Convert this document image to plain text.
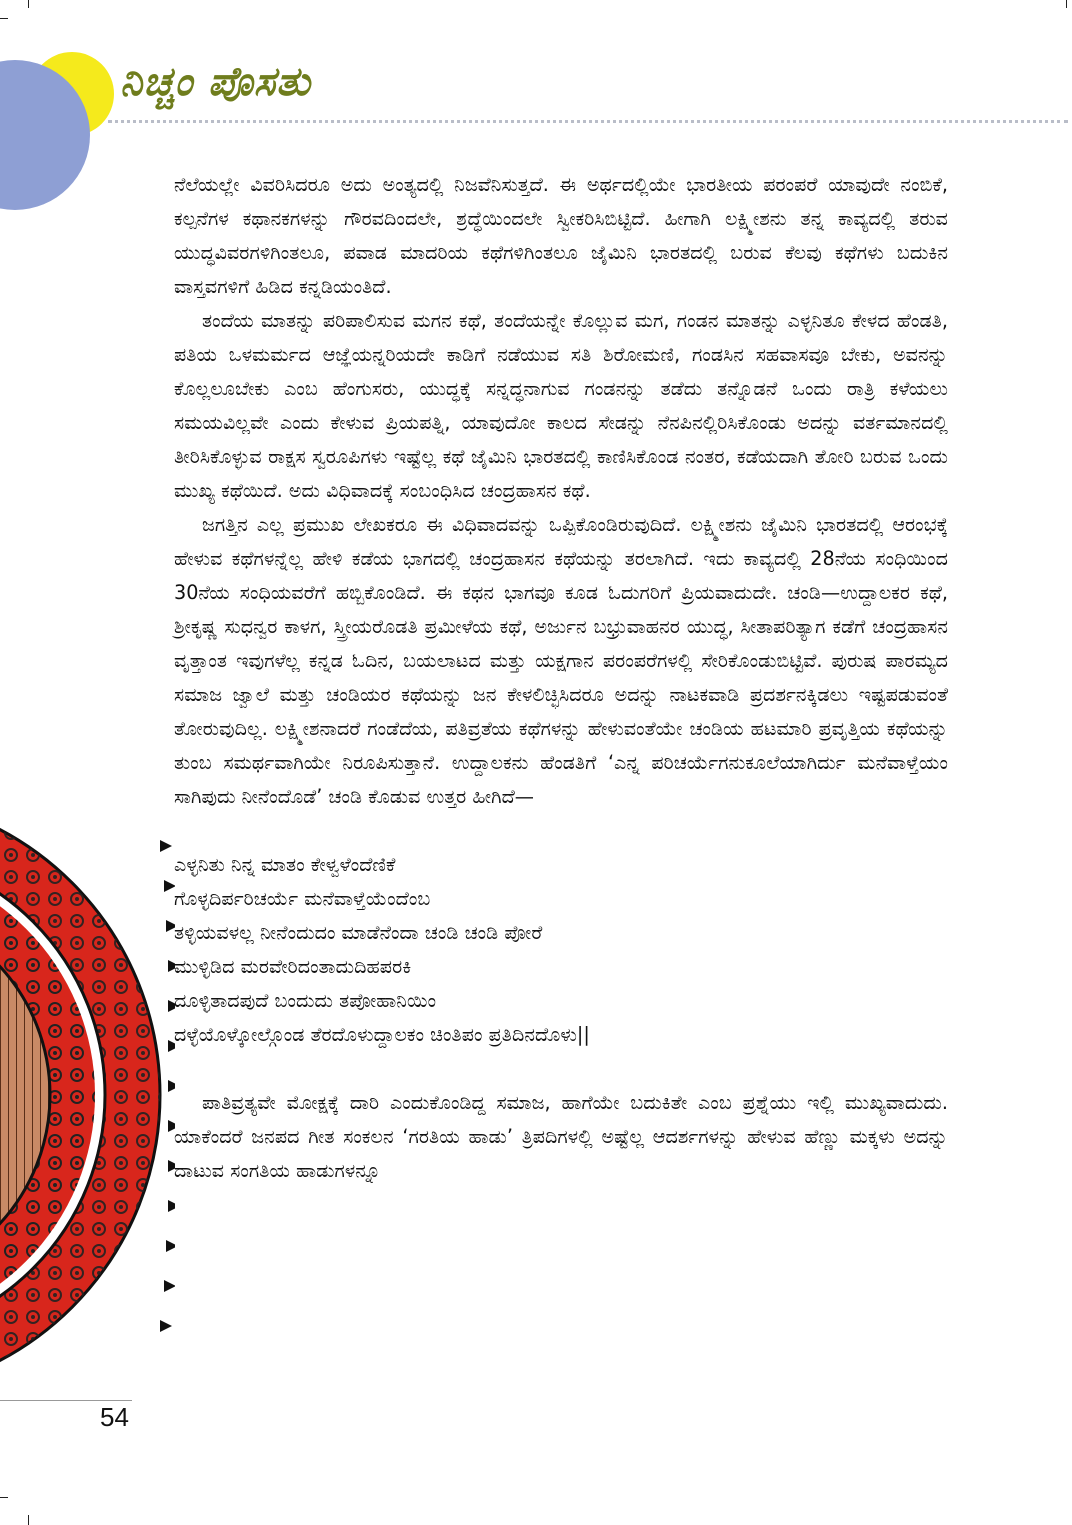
ನಿಚ್ಚಂ ಪೊಸತು

ನೆಲೆಯಲ್ಲೇ ವಿವರಿಸಿದರೂ ಅದು ಅಂತ್ಯದಲ್ಲಿ ನಿಜವೆನಿಸುತ್ತದೆ. ಈ ಅರ್ಥದಲ್ಲಿಯೇ ಭಾರತೀಯ ಪರಂಪರೆ ಯಾವುದೇ ನಂಬಿಕೆ, ಕಲ್ಪನೆಗಳ ಕಥಾನಕಗಳನ್ನು ಗೌರವದಿಂದಲೇ, ಶ್ರದ್ಧೆಯಿಂದಲೇ ಸ್ವೀಕರಿಸಿಬಿಟ್ಟಿದೆ. ಹೀಗಾಗಿ ಲಕ್ಷ್ಮೀಶನು ತನ್ನ ಕಾವ್ಯದಲ್ಲಿ ತರುವ ಯುದ್ಧವಿವರಗಳಿಗಿಂತಲೂ, ಪವಾಡ ಮಾದರಿಯ ಕಥೆಗಳಿಗಿಂತಲೂ ಜೈಮಿನಿ ಭಾರತದಲ್ಲಿ ಬರುವ ಕೆಲವು ಕಥೆಗಳು ಬದುಕಿನ ವಾಸ್ತವಗಳಿಗೆ ಹಿಡಿದ ಕನ್ನಡಿಯಂತಿದೆ.

ತಂದೆಯ ಮಾತನ್ನು ಪರಿಪಾಲಿಸುವ ಮಗನ ಕಥೆ, ತಂದೆಯನ್ನೇ ಕೊಲ್ಲುವ ಮಗ, ಗಂಡನ ಮಾತನ್ನು ಎಳ್ಳನಿತೂ ಕೇಳದ ಹೆಂಡತಿ, ಪತಿಯ ಒಳಮರ್ಮದ ಆಜ್ಞೆಯನ್ನರಿಯದೇ ಕಾಡಿಗೆ ನಡೆಯುವ ಸತಿ ಶಿರೋಮಣಿ, ಗಂಡಸಿನ ಸಹವಾಸವೂ ಬೇಕು, ಅವನನ್ನು ಕೊಲ್ಲಲೂಬೇಕು ಎಂಬ ಹೆಂಗುಸರು, ಯುದ್ಧಕ್ಕೆ ಸನ್ನದ್ಧನಾಗುವ ಗಂಡನನ್ನು ತಡೆದು ತನ್ನೊಡನೆ ಒಂದು ರಾತ್ರಿ ಕಳೆಯಲು ಸಮಯವಿಲ್ಲವೇ ಎಂದು ಕೇಳುವ ಪ್ರಿಯಪತ್ನಿ, ಯಾವುದೋ ಕಾಲದ ಸೇಡನ್ನು ನೆನಪಿನಲ್ಲಿರಿಸಿಕೊಂಡು ಅದನ್ನು ವರ್ತಮಾನದಲ್ಲಿ ತೀರಿಸಿಕೊಳ್ಳುವ ರಾಕ್ಷಸ ಸ್ವರೂಪಿಗಳು ಇಷ್ಟೆಲ್ಲ ಕಥೆ ಜೈಮಿನಿ ಭಾರತದಲ್ಲಿ ಕಾಣಿಸಿಕೊಂಡ ನಂತರ, ಕಡೆಯದಾಗಿ ತೋರಿ ಬರುವ ಒಂದು ಮುಖ್ಯ ಕಥೆಯಿದೆ. ಅದು ವಿಧಿವಾದಕ್ಕೆ ಸಂಬಂಧಿಸಿದ ಚಂದ್ರಹಾಸನ ಕಥೆ.

ಜಗತ್ತಿನ ಎಲ್ಲ ಪ್ರಮುಖ ಲೇಖಕರೂ ಈ ವಿಧಿವಾದವನ್ನು ಒಪ್ಪಿಕೊಂಡಿರುವುದಿದೆ. ಲಕ್ಷ್ಮೀಶನು ಜೈಮಿನಿ ಭಾರತದಲ್ಲಿ ಆರಂಭಕ್ಕೆ ಹೇಳುವ ಕಥೆಗಳನ್ನೆಲ್ಲ ಹೇಳಿ ಕಡೆಯ ಭಾಗದಲ್ಲಿ ಚಂದ್ರಹಾಸನ ಕಥೆಯನ್ನು ತರಲಾಗಿದೆ. ಇದು ಕಾವ್ಯದಲ್ಲಿ 28ನೆಯ ಸಂಧಿಯಿಂದ 30ನೆಯ ಸಂಧಿಯವರೆಗೆ ಹಬ್ಬಿಕೊಂಡಿದೆ. ಈ ಕಥನ ಭಾಗವೂ ಕೂಡ ಓದುಗರಿಗೆ ಪ್ರಿಯವಾದುದೇ. ಚಂಡಿ—ಉದ್ದಾಲಕರ ಕಥೆ, ಶ್ರೀಕೃಷ್ಣ ಸುಧನ್ವರ ಕಾಳಗ, ಸ್ತ್ರೀಯರೊಡತಿ ಪ್ರಮೀಳೆಯ ಕಥೆ, ಅರ್ಜುನ ಬಭ್ರುವಾಹನರ ಯುದ್ಧ, ಸೀತಾಪರಿತ್ಯಾಗ ಕಡೆಗೆ ಚಂದ್ರಹಾಸನ ವೃತ್ತಾಂತ ಇವುಗಳೆಲ್ಲ ಕನ್ನಡ ಓದಿನ, ಬಯಲಾಟದ ಮತ್ತು ಯಕ್ಷಗಾನ ಪರಂಪರೆಗಳಲ್ಲಿ ಸೇರಿಕೊಂಡುಬಿಟ್ಟಿವೆ. ಪುರುಷ ಪಾರಮ್ಯದ ಸಮಾಜ ಜ್ವಾಲೆ ಮತ್ತು ಚಂಡಿಯರ ಕಥೆಯನ್ನು ಜನ ಕೇಳಲಿಚ್ಛಿಸಿದರೂ ಅದನ್ನು ನಾಟಕವಾಡಿ ಪ್ರದರ್ಶನಕ್ಕಿಡಲು ಇಷ್ಟಪಡುವಂತೆ ತೋರುವುದಿಲ್ಲ. ಲಕ್ಷ್ಮೀಶನಾದರೆ ಗಂಡೆದೆಯ, ಪತಿವ್ರತೆಯ ಕಥೆಗಳನ್ನು ಹೇಳುವಂತೆಯೇ ಚಂಡಿಯ ಹಟಮಾರಿ ಪ್ರವೃತ್ತಿಯ ಕಥೆಯನ್ನು ತುಂಬ ಸಮರ್ಥವಾಗಿಯೇ ನಿರೂಪಿಸುತ್ತಾನೆ. ಉದ್ದಾಲಕನು ಹೆಂಡತಿಗೆ ‘ಎನ್ನ ಪರಿಚರ್ಯೆಗನುಕೂಲೆಯಾಗಿರ್ದು ಮನೆವಾಳ್ತೆಯಂ ಸಾಗಿಪುದು ನೀನೆಂದೊಡೆ’ ಚಂಡಿ ಕೊಡುವ ಉತ್ತರ ಹೀಗಿದೆ—

ಎಳ್ಳನಿತು ನಿನ್ನ ಮಾತಂ ಕೇಳ್ವಳೆಂದೆಣಿಕೆ
ಗೊಳ್ಳದಿರ್ಪರಿಚರ್ಯೆ ಮನೆವಾಳ್ತೆಯೆಂದೆಂಬ
ತಳ್ಳಿಯವಳಲ್ಲ ನೀನೆಂದುದಂ ಮಾಡೆನೆಂದಾ ಚಂಡಿ ಚಂಡಿ ಪೋರೆ
ಮುಳ್ಳಿಡಿದ ಮರವೇರಿದಂತಾದುದಿಹಪರಕಿ
ದೂಳ್ಳಿತಾದಪುದೆ ಬಂದುದು ತಪೋಹಾನಿಯಿಂ
ದಳ್ಳೆಯೊಳ್ಕೋಲ್ಗೊಂಡ ತೆರದೊಳುದ್ದಾಲಕಂ ಚಿಂತಿಪಂ ಪ್ರತಿದಿನದೊಳು||

ಪಾತಿವ್ರತ್ಯವೇ ಮೋಕ್ಷಕ್ಕೆ ದಾರಿ ಎಂದುಕೊಂಡಿದ್ದ ಸಮಾಜ, ಹಾಗೆಯೇ ಬದುಕಿತೇ ಎಂಬ ಪ್ರಶ್ನೆಯು ಇಲ್ಲಿ ಮುಖ್ಯವಾದುದು. ಯಾಕೆಂದರೆ ಜನಪದ ಗೀತ ಸಂಕಲನ ‘ಗರತಿಯ ಹಾಡು’ ತ್ರಿಪದಿಗಳಲ್ಲಿ ಅಷ್ಟೆಲ್ಲ ಆದರ್ಶಗಳನ್ನು ಹೇಳುವ ಹೆಣ್ಣು ಮಕ್ಕಳು ಅದನ್ನು ದಾಟುವ ಸಂಗತಿಯ ಹಾಡುಗಳನ್ನೂ

54
